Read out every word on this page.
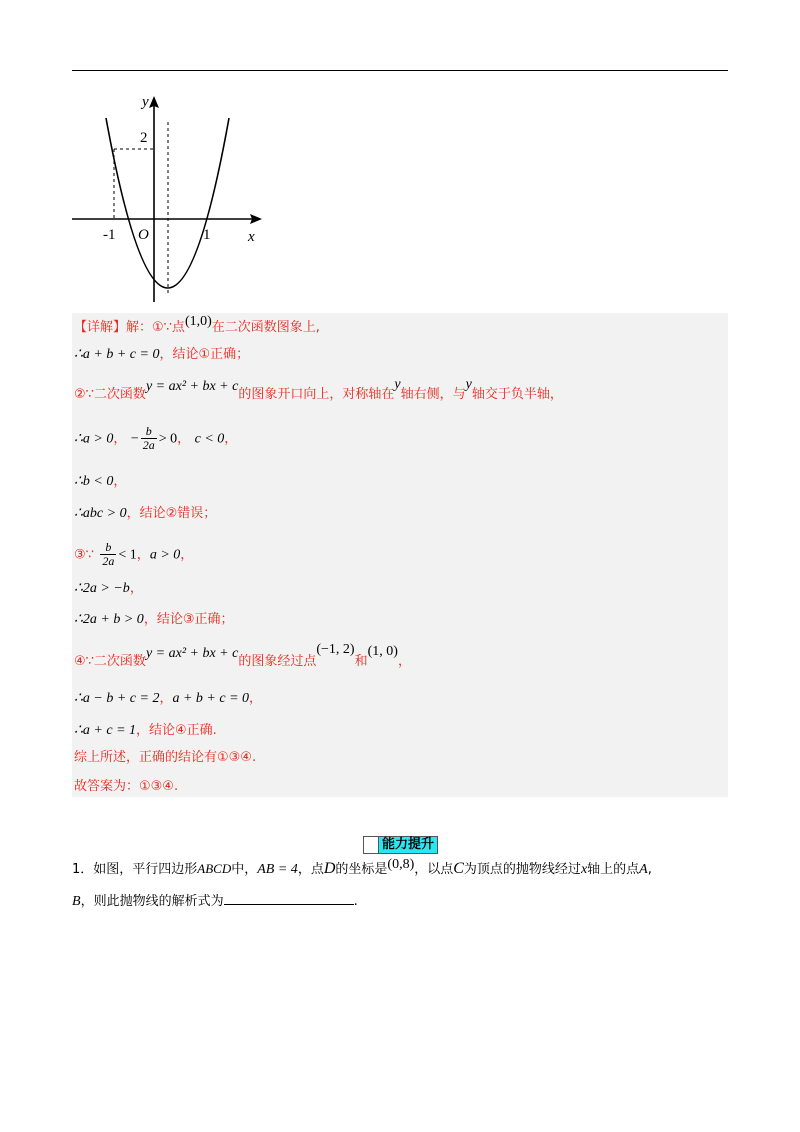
y
2
-1 O	1	x
【详解】解：①∵点(1,0)在二次函数图象上,
∴a + b + c = 0，结论①正确；
②∵二次函数y = ax² + bx + c的图象开口向上，对称轴在y轴右侧，与y轴交于负半轴，
∴a > 0， − $\frac{b}{2a} > 0$， c < 0，
∴b < 0，
∴abc > 0，结论②错误；
③∵ $\frac{b}{2a} < 1$，a > 0，
∴2a > −b，
∴2a + b > 0，结论③正确；
④∵二次函数y = ax² + bx + c的图象经过点(−1, 2)和(1, 0)，
∴a − b + c = 2，a + b + c = 0，
∴a + c = 1，结论④正确.
综上所述，正确的结论有①③④.
故答案为：①③④.
能力提升
1．如图，平行四边形ABCD中，AB = 4，点D的坐标是(0,8)，以点C为顶点的抛物线经过x轴上的点A,
B，则此抛物线的解析式为	.
